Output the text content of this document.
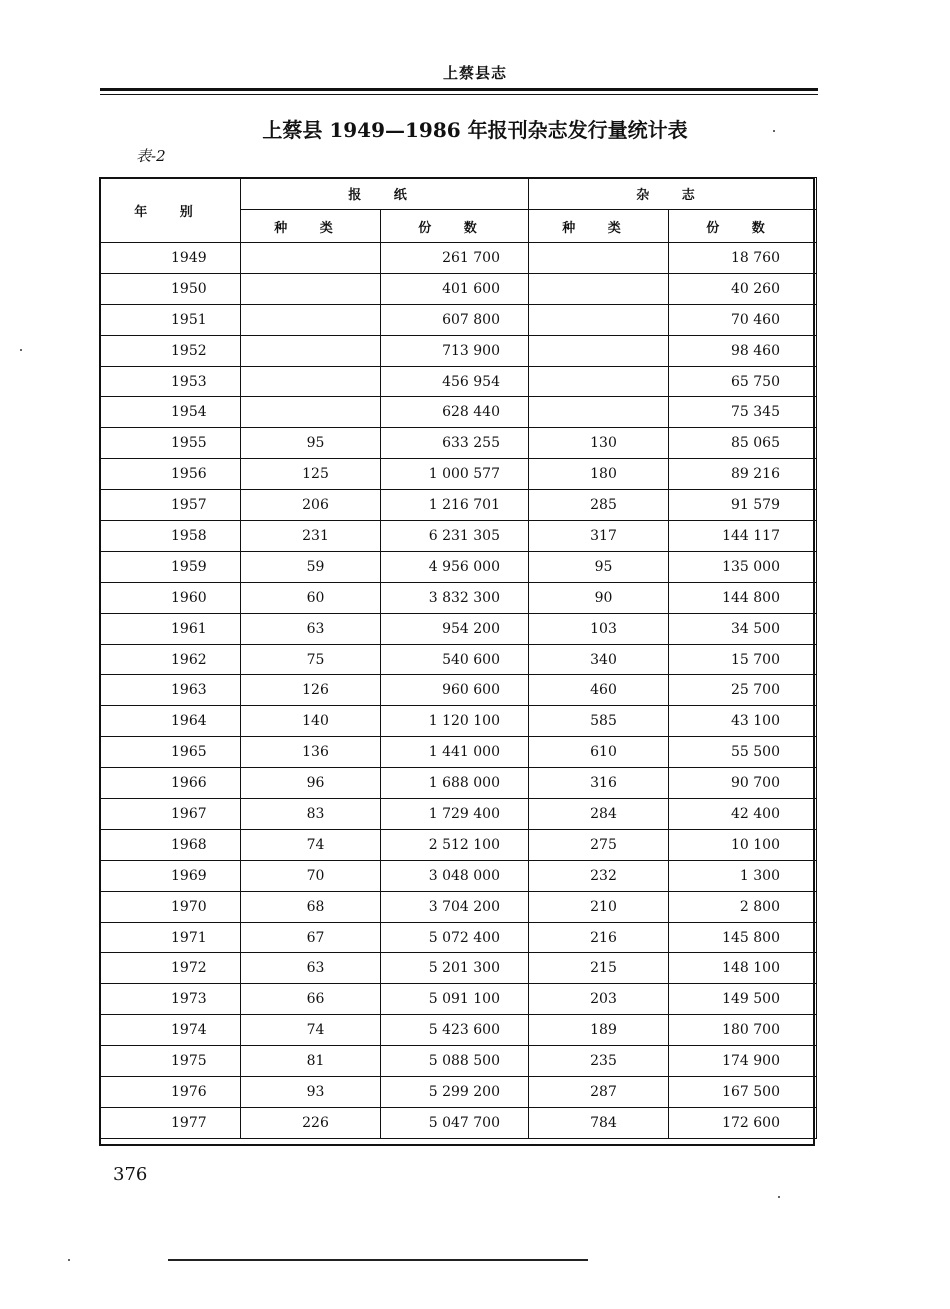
上蔡县志
上蔡县 1949—1986 年报刊杂志发行量统计表
表-2
年 别	报 纸		杂 志	
	种 类	份 数	种 类	份 数
1949		261 700		18 760
1950		401 600		40 260
1951		607 800		70 460
1952		713 900		98 460
1953		456 954		65 750
1954		628 440		75 345
1955	95	633 255	130	85 065
1956	125	1 000 577	180	89 216
1957	206	1 216 701	285	91 579
1958	231	6 231 305	317	144 117
1959	59	4 956 000	95	135 000
1960	60	3 832 300	90	144 800
1961	63	954 200	103	34 500
1962	75	540 600	340	15 700
1963	126	960 600	460	25 700
1964	140	1 120 100	585	43 100
1965	136	1 441 000	610	55 500
1966	96	1 688 000	316	90 700
1967	83	1 729 400	284	42 400
1968	74	2 512 100	275	10 100
1969	70	3 048 000	232	1 300
1970	68	3 704 200	210	2 800
1971	67	5 072 400	216	145 800
1972	63	5 201 300	215	148 100
1973	66	5 091 100	203	149 500
1974	74	5 423 600	189	180 700
1975	81	5 088 500	235	174 900
1976	93	5 299 200	287	167 500
1977	226	5 047 700	784	172 600
376
